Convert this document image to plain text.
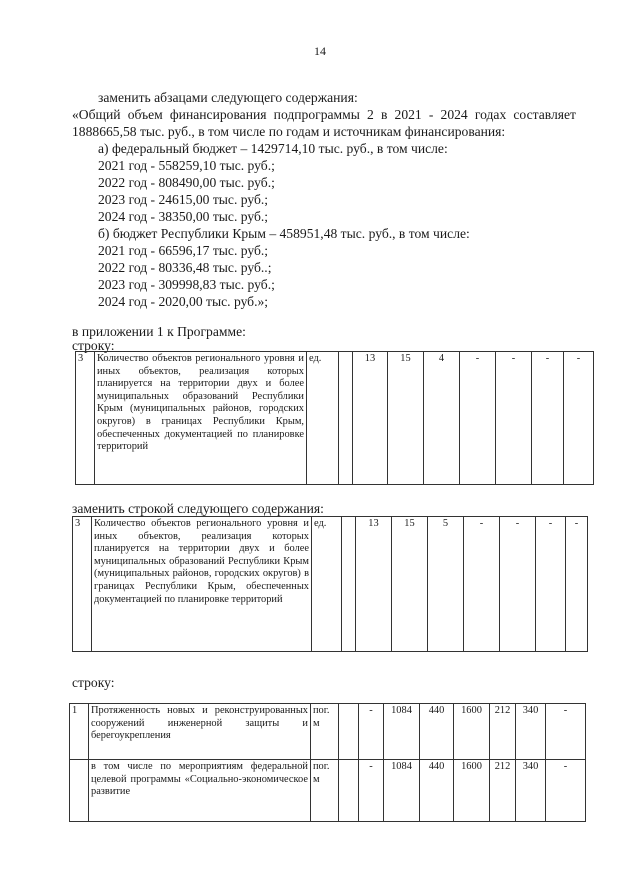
14
заменить абзацами следующего содержания:
«Общий объем финансирования подпрограммы 2 в 2021 - 2024 годах составляет
1888665,58 тыс. руб., в том числе по годам и источникам финансирования:
а) федеральный бюджет – 1429714,10 тыс. руб., в том числе:
2021 год - 558259,10 тыс. руб.;
2022 год - 808490,00 тыс. руб.;
2023 год - 24615,00 тыс. руб.;
2024 год - 38350,00 тыс. руб.;
б) бюджет Республики Крым – 458951,48 тыс. руб., в том числе:
2021 год - 66596,17 тыс. руб.;
2022 год - 80336,48 тыс. руб..;
2023 год - 309998,83 тыс. руб.;
2024 год - 2020,00 тыс. руб.»;
в приложении 1 к Программе:
строку:
3	Количество объектов регионального уровня и иных объектов, реализация которых планируется на территории двух и более муниципальных образований Республики Крым (муниципальных районов, городских округов) в границах Республики Крым, обеспеченных документацией по планировке территорий	ед.		13	15	4	-	-	-	-
заменить строкой следующего содержания:
3	Количество объектов регионального уровня и иных объектов, реализация которых планируется на территории двух и более муниципальных образований Республики Крым (муниципальных районов, городских округов) в границах Республики Крым, обеспеченных документацией по планировке территорий	ед.		13	15	5	-	-	-	-
строку:
1	Протяженность новых и реконструированных сооружений инженерной защиты и берегоукрепления	пог. м		-	1084	440	1600	212	340	-
	в том числе по мероприятиям федеральной целевой программы «Социально-экономическое развитие	пог. м		-	1084	440	1600	212	340	-
